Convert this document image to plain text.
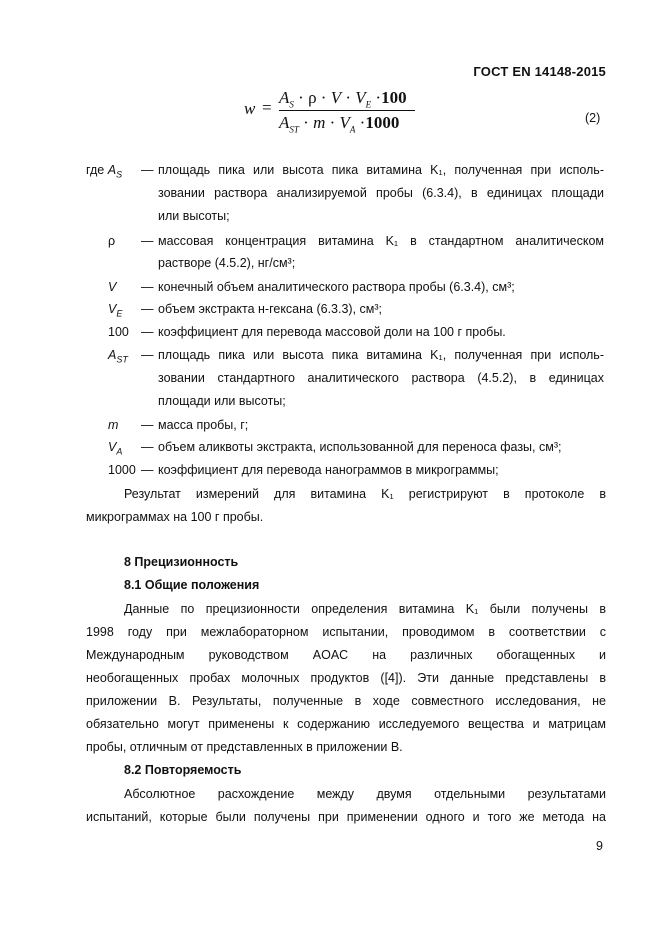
ГОСТ EN 14148-2015
w =
$A_S \cdot \rho \cdot V \cdot V_E \cdot 100$
$A_{ST} \cdot m \cdot V_A \cdot 1000$	(2)
где $A_S$ — площадь пика или высота пика витамина K₁, полученная при исполь-
зовании раствора анализируемой пробы (6.3.4), в единицах площади
или высоты;
ρ — массовая концентрация витамина K₁ в стандартном аналитическом
растворе (4.5.2), нг/см³;
V — конечный объем аналитического раствора пробы (6.3.4), см³;
$V_E$ — объем экстракта н-гексана (6.3.3), см³;
100 — коэффициент для перевода массовой доли на 100 г пробы.
$A_{ST}$ — площадь пика или высота пика витамина K₁, полученная при исполь-
зовании стандартного аналитического раствора (4.5.2), в единицах
площади или высоты;
m — масса пробы, г;
$V_A$ — объем аликвоты экстракта, использованной для переноса фазы, см³;
1000 — коэффициент для перевода нанограммов в микрограммы;
Результат измерений для витамина K₁ регистрируют в протоколе в
микрограммах на 100 г пробы.
8 Прецизионность
8.1 Общие положения
Данные по прецизионности определения витамина K₁ были получены в
1998 году при межлабораторном испытании, проводимом в соответствии с
Международным руководством AOAC на различных обогащенных и
необогащенных пробах молочных продуктов ([4]). Эти данные представлены в
приложении В. Результаты, полученные в ходе совместного исследования, не
обязательно могут применены к содержанию исследуемого вещества и матрицам
пробы, отличным от представленных в приложении В.
8.2 Повторяемость
Абсолютное расхождение между двумя отдельными результатами
испытаний, которые были получены при применении одного и того же метода на
9
